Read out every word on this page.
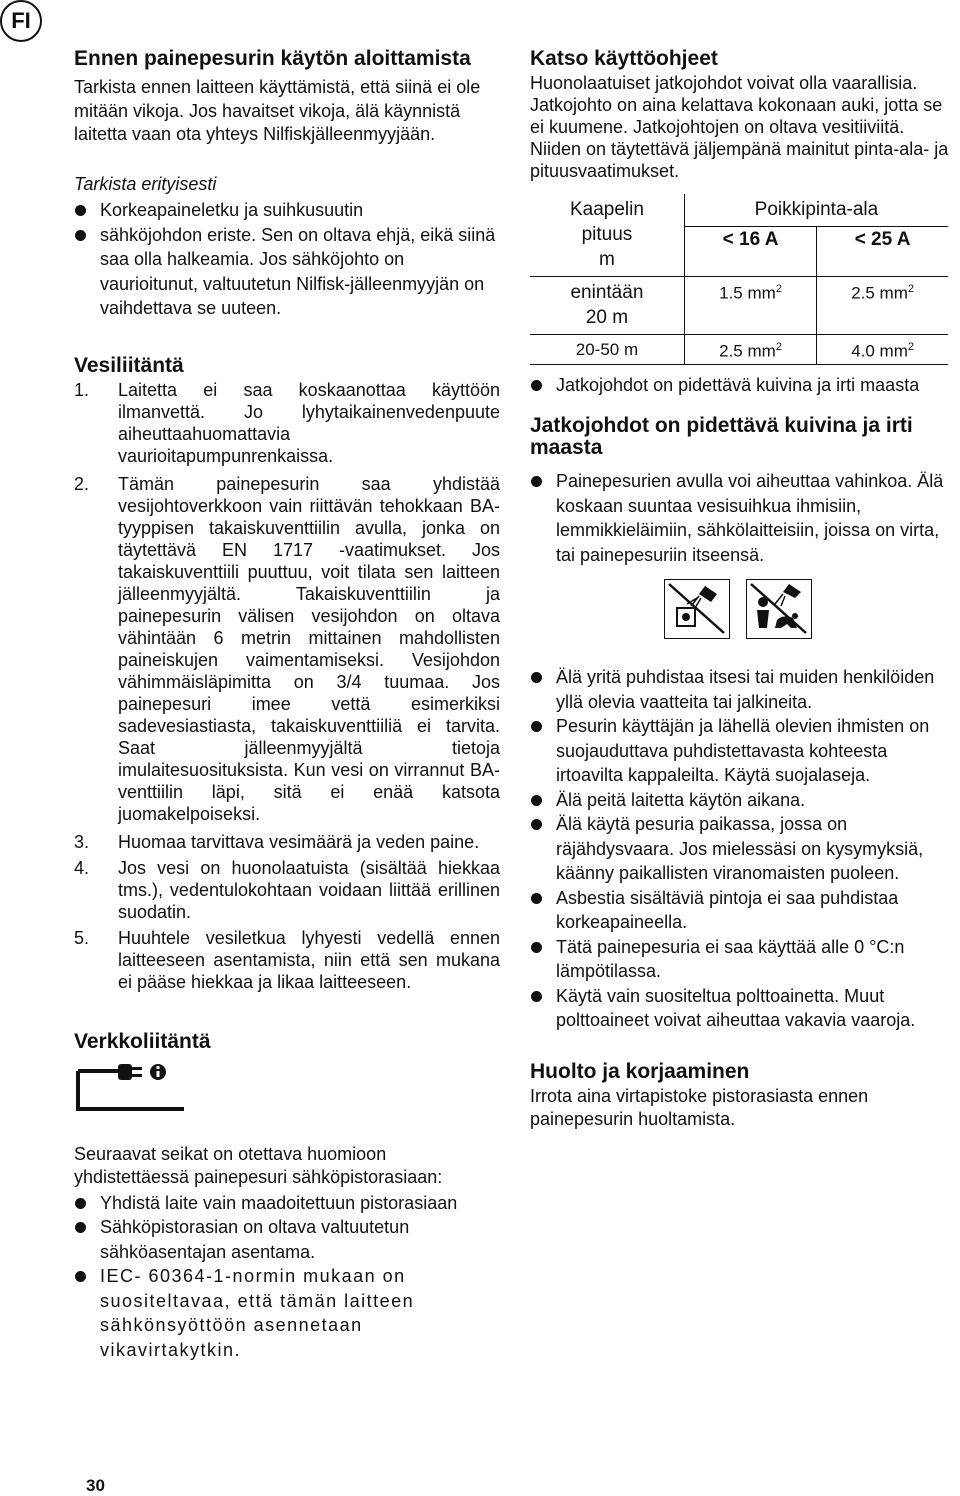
FI
Ennen painepesurin käytön aloittamista

Tarkista ennen laitteen käyttämistä, että siinä ei ole mitään vikoja. Jos havaitset vikoja, älä käynnistä laitetta vaan ota yhteys Nilfiskjälleenmyyjään.

Tarkista erityisesti

Korkeapaineletku ja suihkusuutin
sähköjohdon eriste. Sen on oltava ehjä, eikä siinä saa olla halkeamia. Jos sähköjohto on vaurioitunut, valtuutetun Nilfisk-jälleenmyyjän on vaihdettava se uuteen.
Vesiliitäntä
1. Laitetta ei saa koskaanottaa käyttöön ilmanvettä. Jo lyhytaikainenvedenpuute aiheuttaahuomattavia vaurioitapumpunrenkaissa.
2. Tämän painepesurin saa yhdistää vesijohtoverkkoon vain riittävän tehokkaan BA-tyyppisen takaiskuventtiilin avulla, jonka on täytettävä EN 1717 -vaatimukset. Jos takaiskuventtiili puuttuu, voit tilata sen laitteen jälleenmyyjältä. Takaiskuventtiilin ja painepesurin välisen vesijohdon on oltava vähintään 6 metrin mittainen mahdollisten paineiskujen vaimentamiseksi. Vesijohdon vähimmäisläpimitta on 3/4 tuumaa. Jos painepesuri imee vettä esimerkiksi sadevesiastiasta, takaiskuventtiiliä ei tarvita. Saat jälleenmyyjältä tietoja imulaitesuosituksista. Kun vesi on virrannut BA-venttiilin läpi, sitä ei enää katsota juomakelpoiseksi.
3. Huomaa tarvittava vesimäärä ja veden paine.
4. Jos vesi on huonolaatuista (sisältää hiekkaa tms.), vedentulokohtaan voidaan liittää erillinen suodatin.
5. Huuhtele vesiletkua lyhyesti vedellä ennen laitteeseen asentamista, niin että sen mukana ei pääse hiekkaa ja likaa laitteeseen.
Verkkoliitäntä

Seuraavat seikat on otettava huomioon yhdistettäessä painepesuri sähköpistorasiaan:

Yhdistä laite vain maadoitettuun pistorasiaan
Sähköpistorasian on oltava valtuutetun sähköasentajan asentama.
IEC- 60364-1-normin mukaan on suositeltavaa, että tämän laitteen sähkönsyöttöön asennetaan vikavirtakytkin.
Katso käyttöohjeet

Huonolaatuiset jatkojohdot voivat olla vaarallisia. Jatkojohto on aina kelattava kokonaan auki, jotta se ei kuumene. Jatkojohtojen on oltava vesitiiviitä. Niiden on täytettävä jäljempänä mainitut pinta-ala- ja pituusvaatimukset.

Kaapelin
pituus
m	Poikkipinta-ala	
	< 16 A	< 25 A

enintään
20 m	1.5 $mm^2$	2.5 $mm^2$
20-50 m	2.5 $mm^2$	4.0 $mm^2$
Jatkojohdot on pidettävä kuivina ja irti maasta
Jatkojohdot on pidettävä kuivina ja irti maasta
Painepesurien avulla voi aiheuttaa vahinkoa. Älä koskaan suuntaa vesisuihkua ihmisiin, lemmikkieläimiin, sähkölaitteisiin, joissa on virta, tai painepesuriin itseensä.

Älä yritä puhdistaa itsesi tai muiden henkilöiden yllä olevia vaatteita tai jalkineita.
Pesurin käyttäjän ja lähellä olevien ihmisten on suojauduttava puhdistettavasta kohteesta irtoavilta kappaleilta. Käytä suojalaseja.
Älä peitä laitetta käytön aikana.
Älä käytä pesuria paikassa, jossa on räjähdysvaara. Jos mielessäsi on kysymyksiä, käänny paikallisten viranomaisten puoleen.
Asbestia sisältäviä pintoja ei saa puhdistaa korkeapaineella.
Tätä painepesuria ei saa käyttää alle 0 °C:n lämpötilassa.
Käytä vain suositeltua polttoainetta. Muut polttoaineet voivat aiheuttaa vakavia vaaroja.
Huolto ja korjaaminen

Irrota aina virtapistoke pistorasiasta ennen painepesurin huoltamista.

30
